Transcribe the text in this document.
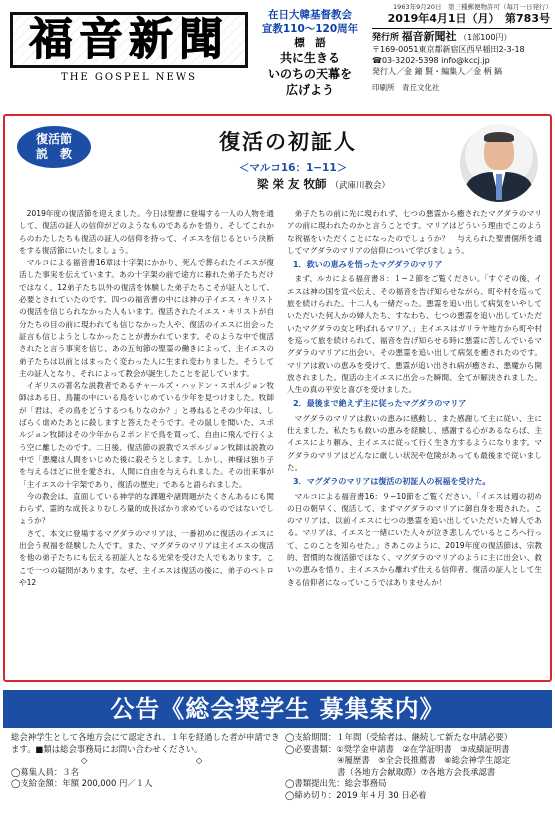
福音新聞
THE GOSPEL NEWS
在日大韓基督教会
宣教110〜120周年
標　語
共に生きる
いのちの天幕を
広げよう
1963年9月20日　第三種郵便物許可（毎月一日発行）
2019年4月1日（月）　第783号
発行所 福音新聞社 （1部100円）
〒169-0051東京都新宿区西早稲田2-3-18
☎03-3202-5398 info@kccj.jp
発行人／金 鐘 賢・編集人／金 柄 鎬
印刷所　青丘文化社
復活節
説　教	復活の初証人
＜マルコ16：1−11＞
梁 栄 友 牧師 （武庫川教会）

2019年度の復活節を迎えました。今日は聖書に登場する一人の人物を通して、復活の証人の信仰がどのようなものであるかを悟り、そしてこれからのわたしたちも復活の証人の信仰を持って、イエスを信じるという決断をする復活節にいたしましょう。

マルコによる福音書16章は十字架にかかり、死んで葬られたイエスが復活した事実を伝えています。あの十字架の前で途方に暮れた弟子たちだけではなく、12弟子たち以外の復活を体験した弟子たちこそが証人として、必要とされていたのです。四つの福音書の中には神の子イエス・キリストの復活を信じられなかった人もいます。復活されたイエス・キリストが自分たちの目の前に現われても信じなかった人や、復活のイエスに出会った証言も信じようとしなかったことが書かれています。そのような中で復活されたと言う事実を信じ、あの五旬節の聖霊の働きによって、主イエスの弟子たちは以前とはまったく変わった人に生まれ変わりました。そうして主の証人となり、それによって教会が誕生したことを記しています。

イギリスの著名な説教者であるチャールズ・ハッドン・スポルジョン牧師はある日、鳥籠の中にいる鳥をいじめている少年を見つけました。牧師が「君は、その鳥をどうするつもりなのか？」と尋ねるとその少年は、しばらく虐めたあとに殺しますと答えたそうです。その鼠しを聞いた、スポルジョン牧師はその少年から２ポンドで鳥を買って、自由に飛んで行くよう空に離したのです。二日後、復活節の説教でスポルジョン牧師は説教の中で「悪魔は人間をいじめた後に殺そうとします。しかし、神様は独り子を与えるほどに世を愛され、人間に自由を与えられました。その出来事が「主イエスの十字架であり、復活の歴史」であると語られました。

今の教会は、直面している神学的な課題や諸問題がたくさんあるにも関わらず、霊的な成長よりむしろ量的成長ばかり求めているのではないでしょうか？

さて、本文に登場するマグダラのマリアは、一番初めに復活のイエスに出会う祝福を経験した人です。また、マグダラのマリアは主イエスの復活を他の弟子たちにも伝える初証人となる光栄を受けた人でもあります。ここで一つの疑問があります。なぜ、主イエスは復活の後に、弟子のペトロや12

弟子たちの前に先に現われず、七つの悪霊から癒されたマグダラのマリアの前に現われたのかと言うことです。マリアはどういう理由でこのような祝福をいただくことになったのでしょうか？　与えられた聖書個所を通してマグダラのマリアの信仰について学びましょう。

1．救いの恵みを悟ったマグダラのマリア

まず、ルカによる福音書８：１−２節をご覧ください。「すぐその後、イエスは神の国を宣べ伝え、その福音を告げ知らせながら、町や村を巡って旅を続けられた。十二人も一緒だった。悪霊を追い出して病気をいやしていただいた何人かの婦人たち、すなわち、七つの悪霊を追い出していただいたマグダラの女と呼ばれるマリア、」主イエスはガリラヤ地方から町や村を巡って旅を続けられて、福音を告げ知らせる時に悪霊に苦しんでいるマグダラのマリアに出会い、その悪霊を追い出して病気を癒されたのです。マリアは救いの恵みを受けて、悪霊が追い出され病が癒され、悪魔から開放されました。復活の主イエスに出会った瞬間、全てが解決されました。人生の真の平安と喜びを受けました。

2．最後まで絶えず主に従ったマグダラのマリア

マグダラのマリアは救いの恵みに感動し、また感謝して主に従い、主に仕えました。私たちも救いの恵みを経験し、感謝する心があるならば、主イエスにより頼み、主イエスに従って行く生き方するようになります。マグダラのマリアはどんなに厳しい状況や危険があっても最後まで従いました。

3．マグダラのマリアは復活の初証人の祝福を受けた。

マルコによる福音書16：９−10節をご覧ください。「イエスは週の初めの日の朝早く、復活して、まずマグダラのマリアに御自身を現された。このマリアは、以前イエスに七つの悪霊を追い出していただいた婦人である。マリアは、イエスと一緒にいた人々が泣き悲しんでいるところへ行って、このことを知らせた。」さあこのように、2019年度の復活節は、宗教的、習慣的な復活節ではなく、マグダラのマリアのように主に出会い、救いの恵みを悟り、主イエスから離れず仕える信仰者、復活の証人として生きる信仰者になっていこうではありませんか！

公告《総会奨学生 募集案内》
総会神学生として各地方会にて認定され、１年を経過した者が申請できます。■類は総会事務局にお問い合わせください。
◇　◇
◯募集人員：３名
◯支給金額：年額 200,000 円／１人
◯支給期間：１年間（受給者は、継続して新たな申請必要）
◯必要書類：①奨学金申請書　②在学証明書　③成績証明書
④履歴書　⑤全会長推薦書　⑥総会神学生認定
書（各地方会献取際）⑦各地方会長承認書
◯書類提出先：総会事務局
◯締め切り：2019 年４月 30 日必着
